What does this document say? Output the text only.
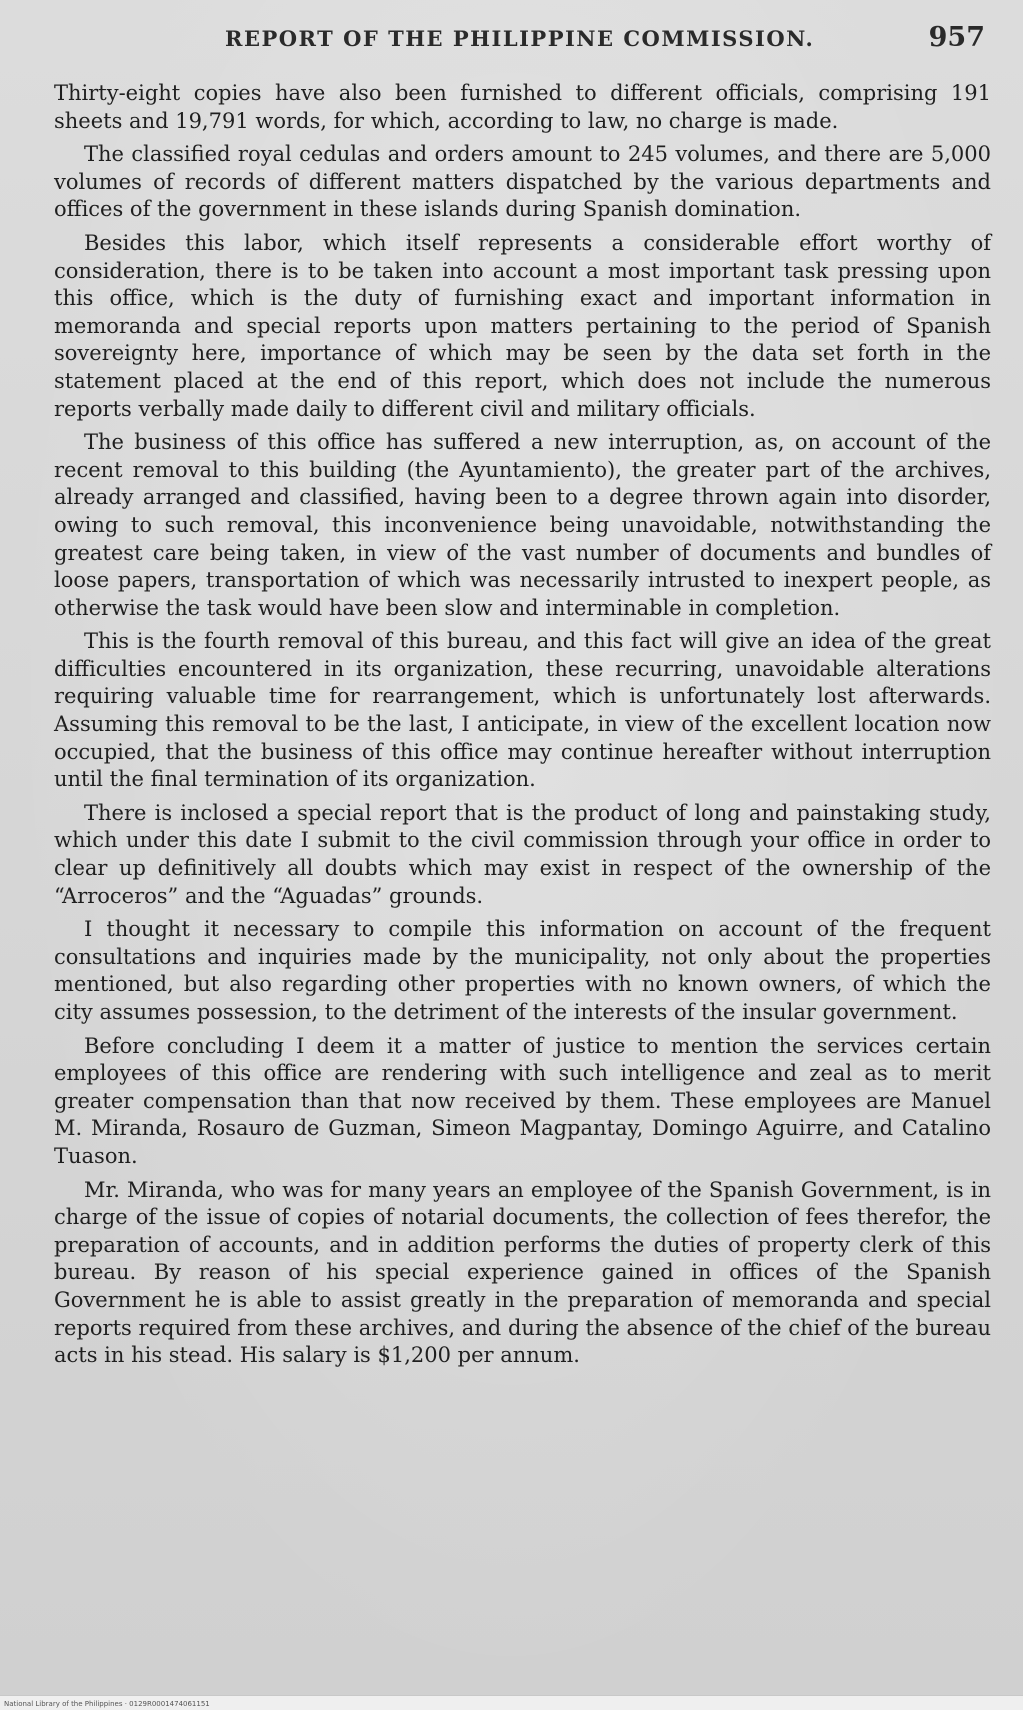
REPORT OF THE PHILIPPINE COMMISSION.	957

Thirty-eight copies have also been furnished to different officials, comprising 191 sheets and 19,791 words, for which, according to law, no charge is made.

The classified royal cedulas and orders amount to 245 volumes, and there are 5,000 volumes of records of different matters dispatched by the various departments and offices of the government in these islands during Spanish domination.

Besides this labor, which itself represents a considerable effort worthy of consideration, there is to be taken into account a most important task pressing upon this office, which is the duty of furnishing exact and important information in memoranda and special reports upon matters pertaining to the period of Spanish sovereignty here, importance of which may be seen by the data set forth in the statement placed at the end of this report, which does not include the numerous reports verbally made daily to different civil and military officials.

The business of this office has suffered a new interruption, as, on account of the recent removal to this building (the Ayuntamiento), the greater part of the archives, already arranged and classified, having been to a degree thrown again into disorder, owing to such removal, this inconvenience being unavoidable, notwithstanding the greatest care being taken, in view of the vast number of documents and bundles of loose papers, transportation of which was necessarily intrusted to inexpert people, as otherwise the task would have been slow and interminable in completion.

This is the fourth removal of this bureau, and this fact will give an idea of the great difficulties encountered in its organization, these recurring, unavoidable alterations requiring valuable time for rearrangement, which is unfortunately lost afterwards. Assuming this removal to be the last, I anticipate, in view of the excellent location now occupied, that the business of this office may continue hereafter without interruption until the final termination of its organization.

There is inclosed a special report that is the product of long and painstaking study, which under this date I submit to the civil commission through your office in order to clear up definitively all doubts which may exist in respect of the ownership of the “Arroceros” and the “Aguadas” grounds.

I thought it necessary to compile this information on account of the frequent consultations and inquiries made by the municipality, not only about the properties mentioned, but also regarding other properties with no known owners, of which the city assumes possession, to the detriment of the interests of the insular government.

Before concluding I deem it a matter of justice to mention the services certain employees of this office are rendering with such intelligence and zeal as to merit greater compensation than that now received by them. These employees are Manuel M. Miranda, Rosauro de Guzman, Simeon Magpantay, Domingo Aguirre, and Catalino Tuason.

Mr. Miranda, who was for many years an employee of the Spanish Government, is in charge of the issue of copies of notarial documents, the collection of fees therefor, the preparation of accounts, and in addition performs the duties of property clerk of this bureau. By reason of his special experience gained in offices of the Spanish Government he is able to assist greatly in the preparation of memoranda and special reports required from these archives, and during the absence of the chief of the bureau acts in his stead. His salary is $1,200 per annum.

National Library of the Philippines · 0129R0001474061151
